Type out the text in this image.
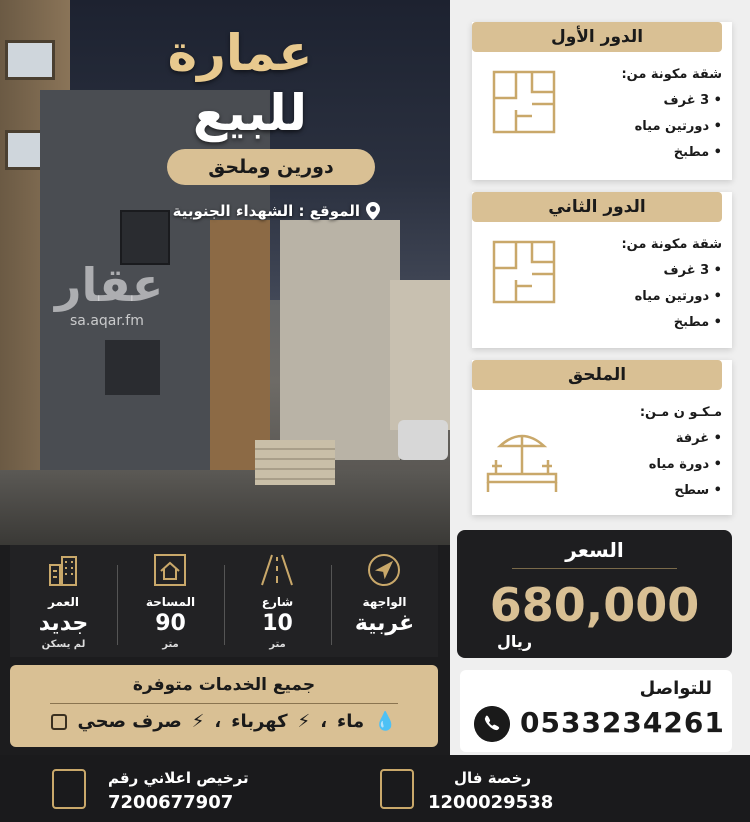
عقار
sa.aqar.fm
عمارة
للبيع
دورين وملحق
الموقع : الشهداء الجنوبية
الدور الأول
شقة مكونة من:
• 3 غرف
• دورتين مياه
• مطبخ
الدور الثاني
شقة مكونة من:
• 3 غرف
• دورتين مياه
• مطبخ
الملحق
مـكـو ن مـن:
• غرفة
• دورة مياه
• سطح
السعر
680,000
ريال
للتواصل
0533234261
الواجهة
غربية
شارع
10
متر
المساحة
90
متر
العمر
جديد
لم يسكن
جميع الخدمات متوفرة
💧
ماء
،
⚡
كهرباء
،
⚡
صرف صحي
رخصة فال
1200029538
ترخيص اعلاني رقم
7200677907
